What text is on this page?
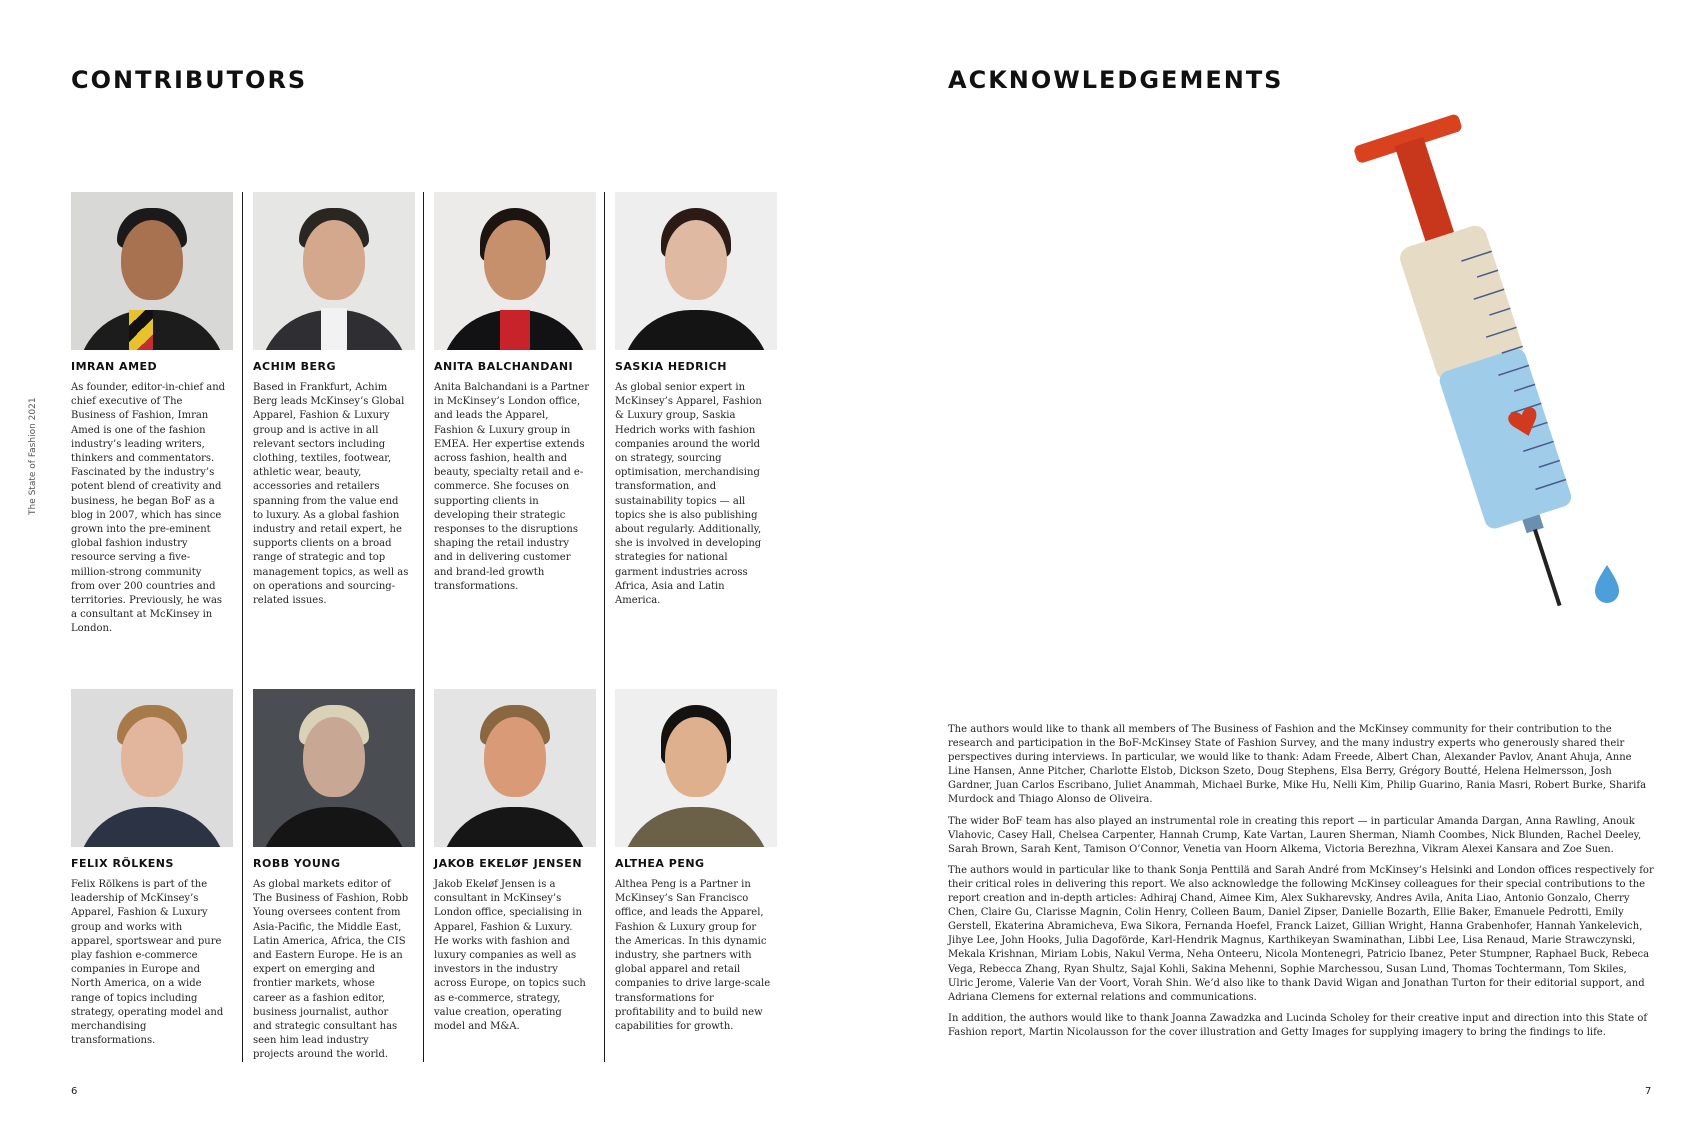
CONTRIBUTORS	ACKNOWLEDGEMENTS
The State of Fashion 2021
IMRAN AMED

As founder, editor-in-chief and chief executive of The Business of Fashion, Imran Amed is one of the fashion industry’s leading writers, thinkers and commentators. Fascinated by the industry’s potent blend of creativity and business, he began BoF as a blog in 2007, which has since grown into the pre-eminent global fashion industry resource serving a five-million-strong community from over 200 countries and territories. Previously, he was a consultant at McKinsey in London.

ACHIM BERG

Based in Frankfurt, Achim Berg leads McKinsey’s Global Apparel, Fashion & Luxury group and is active in all relevant sectors including clothing, textiles, footwear, athletic wear, beauty, accessories and retailers spanning from the value end to luxury. As a global fashion industry and retail expert, he supports clients on a broad range of strategic and top management topics, as well as on operations and sourcing-related issues.

ANITA BALCHANDANI

Anita Balchandani is a Partner in McKinsey’s London office, and leads the Apparel, Fashion & Luxury group in EMEA. Her expertise extends across fashion, health and beauty, specialty retail and e-commerce. She focuses on supporting clients in developing their strategic responses to the disruptions shaping the retail industry and in delivering customer and brand-led growth transformations.

SASKIA HEDRICH

As global senior expert in McKinsey’s Apparel, Fashion & Luxury group, Saskia Hedrich works with fashion companies around the world on strategy, sourcing optimisation, merchandising transformation, and sustainability topics — all topics she is also publishing about regularly. Additionally, she is involved in developing strategies for national garment industries across Africa, Asia and Latin America.

FELIX RÖLKENS

Felix Rölkens is part of the leadership of McKinsey’s Apparel, Fashion & Luxury group and works with apparel, sportswear and pure play fashion e-commerce companies in Europe and North America, on a wide range of topics including strategy, operating model and merchandising transformations.

ROBB YOUNG

As global markets editor of The Business of Fashion, Robb Young oversees content from Asia-Pacific, the Middle East, Latin America, Africa, the CIS and Eastern Europe. He is an expert on emerging and frontier markets, whose career as a fashion editor, business journalist, author and strategic consultant has seen him lead industry projects around the world.

JAKOB EKELØF JENSEN

Jakob Ekeløf Jensen is a consultant in McKinsey’s London office, specialising in Apparel, Fashion & Luxury. He works with fashion and luxury companies as well as investors in the industry across Europe, on topics such as e-commerce, strategy, value creation, operating model and M&A.

ALTHEA PENG

Althea Peng is a Partner in McKinsey’s San Francisco office, and leads the Apparel, Fashion & Luxury group for the Americas. In this dynamic industry, she partners with global apparel and retail companies to drive large-scale transformations for profitability and to build new capabilities for growth.

The authors would like to thank all members of The Business of Fashion and the McKinsey community for their contribution to the research and participation in the BoF-McKinsey State of Fashion Survey, and the many industry experts who generously shared their perspectives during interviews. In particular, we would like to thank: Adam Freede, Albert Chan, Alexander Pavlov, Anant Ahuja, Anne Line Hansen, Anne Pitcher, Charlotte Elstob, Dickson Szeto, Doug Stephens, Elsa Berry, Grégory Boutté, Helena Helmersson, Josh Gardner, Juan Carlos Escribano, Juliet Anammah, Michael Burke, Mike Hu, Nelli Kim, Philip Guarino, Rania Masri, Robert Burke, Sharifa Murdock and Thiago Alonso de Oliveira.

The wider BoF team has also played an instrumental role in creating this report — in particular Amanda Dargan, Anna Rawling, Anouk Vlahovic, Casey Hall, Chelsea Carpenter, Hannah Crump, Kate Vartan, Lauren Sherman, Niamh Coombes, Nick Blunden, Rachel Deeley, Sarah Brown, Sarah Kent, Tamison O’Connor, Venetia van Hoorn Alkema, Victoria Berezhna, Vikram Alexei Kansara and Zoe Suen.

The authors would in particular like to thank Sonja Penttilä and Sarah André from McKinsey’s Helsinki and London offices respectively for their critical roles in delivering this report. We also acknowledge the following McKinsey colleagues for their special contributions to the report creation and in-depth articles: Adhiraj Chand, Aimee Kim, Alex Sukharevsky, Andres Avila, Anita Liao, Antonio Gonzalo, Cherry Chen, Claire Gu, Clarisse Magnin, Colin Henry, Colleen Baum, Daniel Zipser, Danielle Bozarth, Ellie Baker, Emanuele Pedrotti, Emily Gerstell, Ekaterina Abramicheva, Ewa Sikora, Fernanda Hoefel, Franck Laizet, Gillian Wright, Hanna Grabenhofer, Hannah Yankelevich, Jihye Lee, John Hooks, Julia Dagoförde, Karl-Hendrik Magnus, Karthikeyan Swaminathan, Libbi Lee, Lisa Renaud, Marie Strawczynski, Mekala Krishnan, Miriam Lobis, Nakul Verma, Neha Onteeru, Nicola Montenegri, Patricio Ibanez, Peter Stumpner, Raphael Buck, Rebeca Vega, Rebecca Zhang, Ryan Shultz, Sajal Kohli, Sakina Mehenni, Sophie Marchessou, Susan Lund, Thomas Tochtermann, Tom Skiles, Ulric Jerome, Valerie Van der Voort, Vorah Shin. We’d also like to thank David Wigan and Jonathan Turton for their editorial support, and Adriana Clemens for external relations and communications.

In addition, the authors would like to thank Joanna Zawadzka and Lucinda Scholey for their creative input and direction into this State of Fashion report, Martin Nicolausson for the cover illustration and Getty Images for supplying imagery to bring the findings to life.

6	7
